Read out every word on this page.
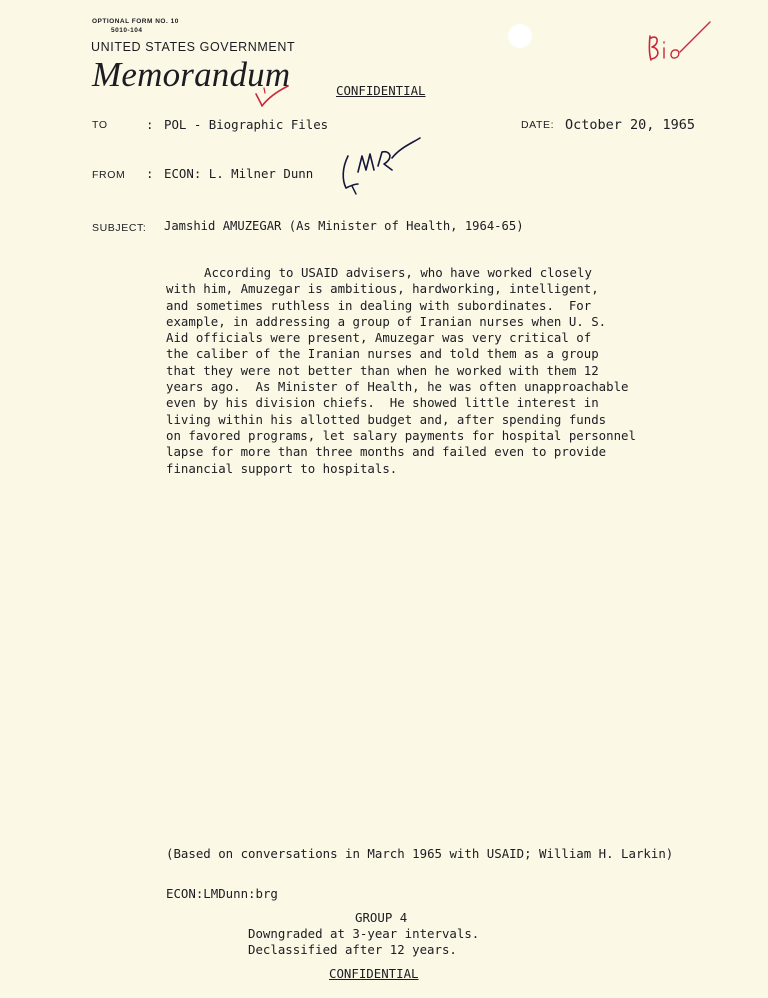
OPTIONAL FORM NO. 10
5010-104
UNITED STATES GOVERNMENT
Memorandum	CONFIDENTIAL
TO	: POL - Biographic Files	DATE: October 20, 1965
FROM : ECON: L. Milner Dunn
SUBJECT: Jamshid AMUZEGAR (As Minister of Health, 1964-65)
According to USAID advisers, who have worked closely
with him, Amuzegar is ambitious, hardworking, intelligent,
and sometimes ruthless in dealing with subordinates.  For
example, in addressing a group of Iranian nurses when U. S.
Aid officials were present, Amuzegar was very critical of
the caliber of the Iranian nurses and told them as a group
that they were not better than when he worked with them 12
years ago.  As Minister of Health, he was often unapproachable
even by his division chiefs.  He showed little interest in
living within his allotted budget and, after spending funds
on favored programs, let salary payments for hospital personnel
lapse for more than three months and failed even to provide
financial support to hospitals.
(Based on conversations in March 1965 with USAID; William H. Larkin)
ECON:LMDunn:brg
GROUP 4
Downgraded at 3-year intervals.
Declassified after 12 years.
CONFIDENTIAL
